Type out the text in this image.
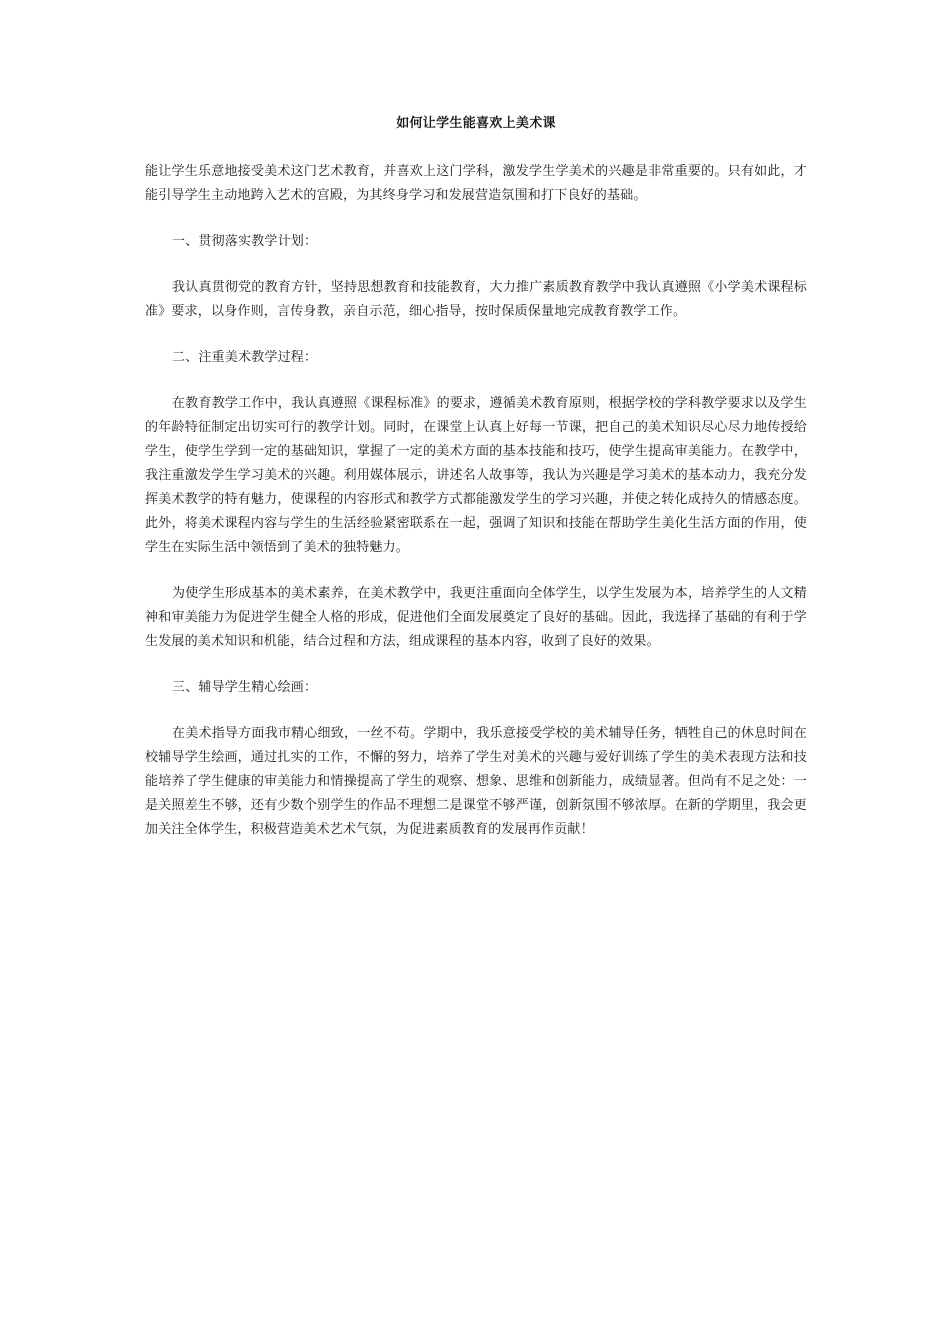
如何让学生能喜欢上美术课

能让学生乐意地接受美术这门艺术教育，并喜欢上这门学科，激发学生学美术的兴趣是非常重要的。只有如此，才能引导学生主动地跨入艺术的宫殿，为其终身学习和发展营造氛围和打下良好的基础。

一、贯彻落实教学计划：

我认真贯彻党的教育方针，坚持思想教育和技能教育，大力推广素质教育教学中我认真遵照《小学美术课程标准》要求，以身作则，言传身教，亲自示范，细心指导，按时保质保量地完成教育教学工作。

二、注重美术教学过程：

在教育教学工作中，我认真遵照《课程标准》的要求，遵循美术教育原则，根据学校的学科教学要求以及学生的年龄特征制定出切实可行的教学计划。同时，在课堂上认真上好每一节课，把自己的美术知识尽心尽力地传授给学生，使学生学到一定的基础知识，掌握了一定的美术方面的基本技能和技巧，使学生提高审美能力。在教学中，我注重激发学生学习美术的兴趣。利用媒体展示，讲述名人故事等，我认为兴趣是学习美术的基本动力，我充分发挥美术教学的特有魅力，使课程的内容形式和教学方式都能激发学生的学习兴趣，并使之转化成持久的情感态度。此外，将美术课程内容与学生的生活经验紧密联系在一起，强调了知识和技能在帮助学生美化生活方面的作用，使学生在实际生活中领悟到了美术的独特魅力。

为使学生形成基本的美术素养，在美术教学中，我更注重面向全体学生，以学生发展为本，培养学生的人文精神和审美能力为促进学生健全人格的形成，促进他们全面发展奠定了良好的基础。因此，我选择了基础的有利于学生发展的美术知识和机能，结合过程和方法，组成课程的基本内容，收到了良好的效果。

三、辅导学生精心绘画：

在美术指导方面我市精心细致，一丝不苟。学期中，我乐意接受学校的美术辅导任务，牺牲自己的休息时间在校辅导学生绘画，通过扎实的工作，不懈的努力，培养了学生对美术的兴趣与爱好训练了学生的美术表现方法和技能培养了学生健康的审美能力和情操提高了学生的观察、想象、思维和创新能力，成绩显著。但尚有不足之处：一是关照差生不够，还有少数个别学生的作品不理想二是课堂不够严谨，创新氛围不够浓厚。在新的学期里，我会更加关注全体学生，积极营造美术艺术气氛，为促进素质教育的发展再作贡献！
